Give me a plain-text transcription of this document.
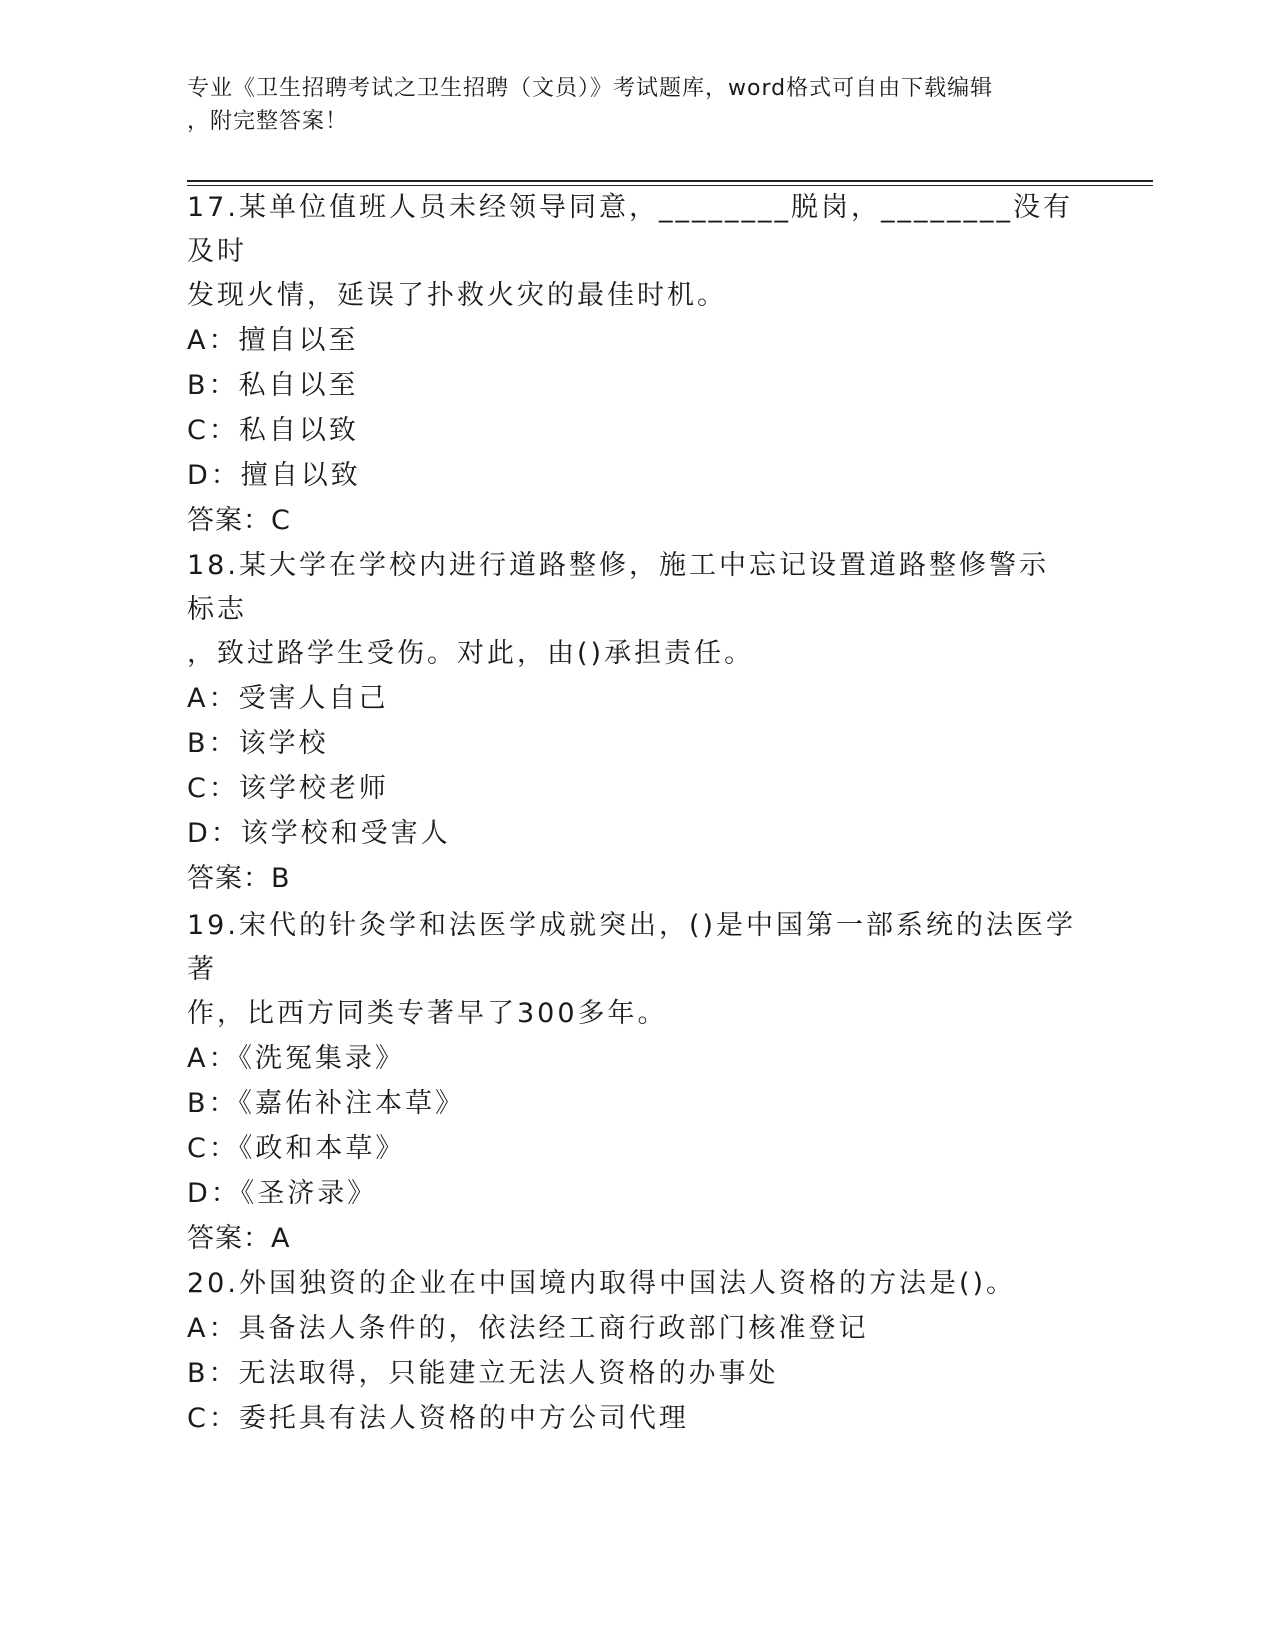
专业《卫生招聘考试之卫生招聘（文员）》考试题库，word格式可自由下载编辑
，附完整答案！

17.某单位值班人员未经领导同意，________脱岗，________没有及时

发现火情，延误了扑救火灾的最佳时机。

A：擅自以至

B：私自以至

C：私自以致

D：擅自以致

答案：C

18.某大学在学校内进行道路整修，施工中忘记设置道路整修警示标志

，致过路学生受伤。对此，由()承担责任。

A：受害人自己

B：该学校

C：该学校老师

D：该学校和受害人

答案：B

19.宋代的针灸学和法医学成就突出，()是中国第一部系统的法医学著

作，比西方同类专著早了300多年。

A：《洗冤集录》

B：《嘉佑补注本草》

C：《政和本草》

D：《圣济录》

答案：A

20.外国独资的企业在中国境内取得中国法人资格的方法是()。

A：具备法人条件的，依法经工商行政部门核准登记

B：无法取得，只能建立无法人资格的办事处

C：委托具有法人资格的中方公司代理
